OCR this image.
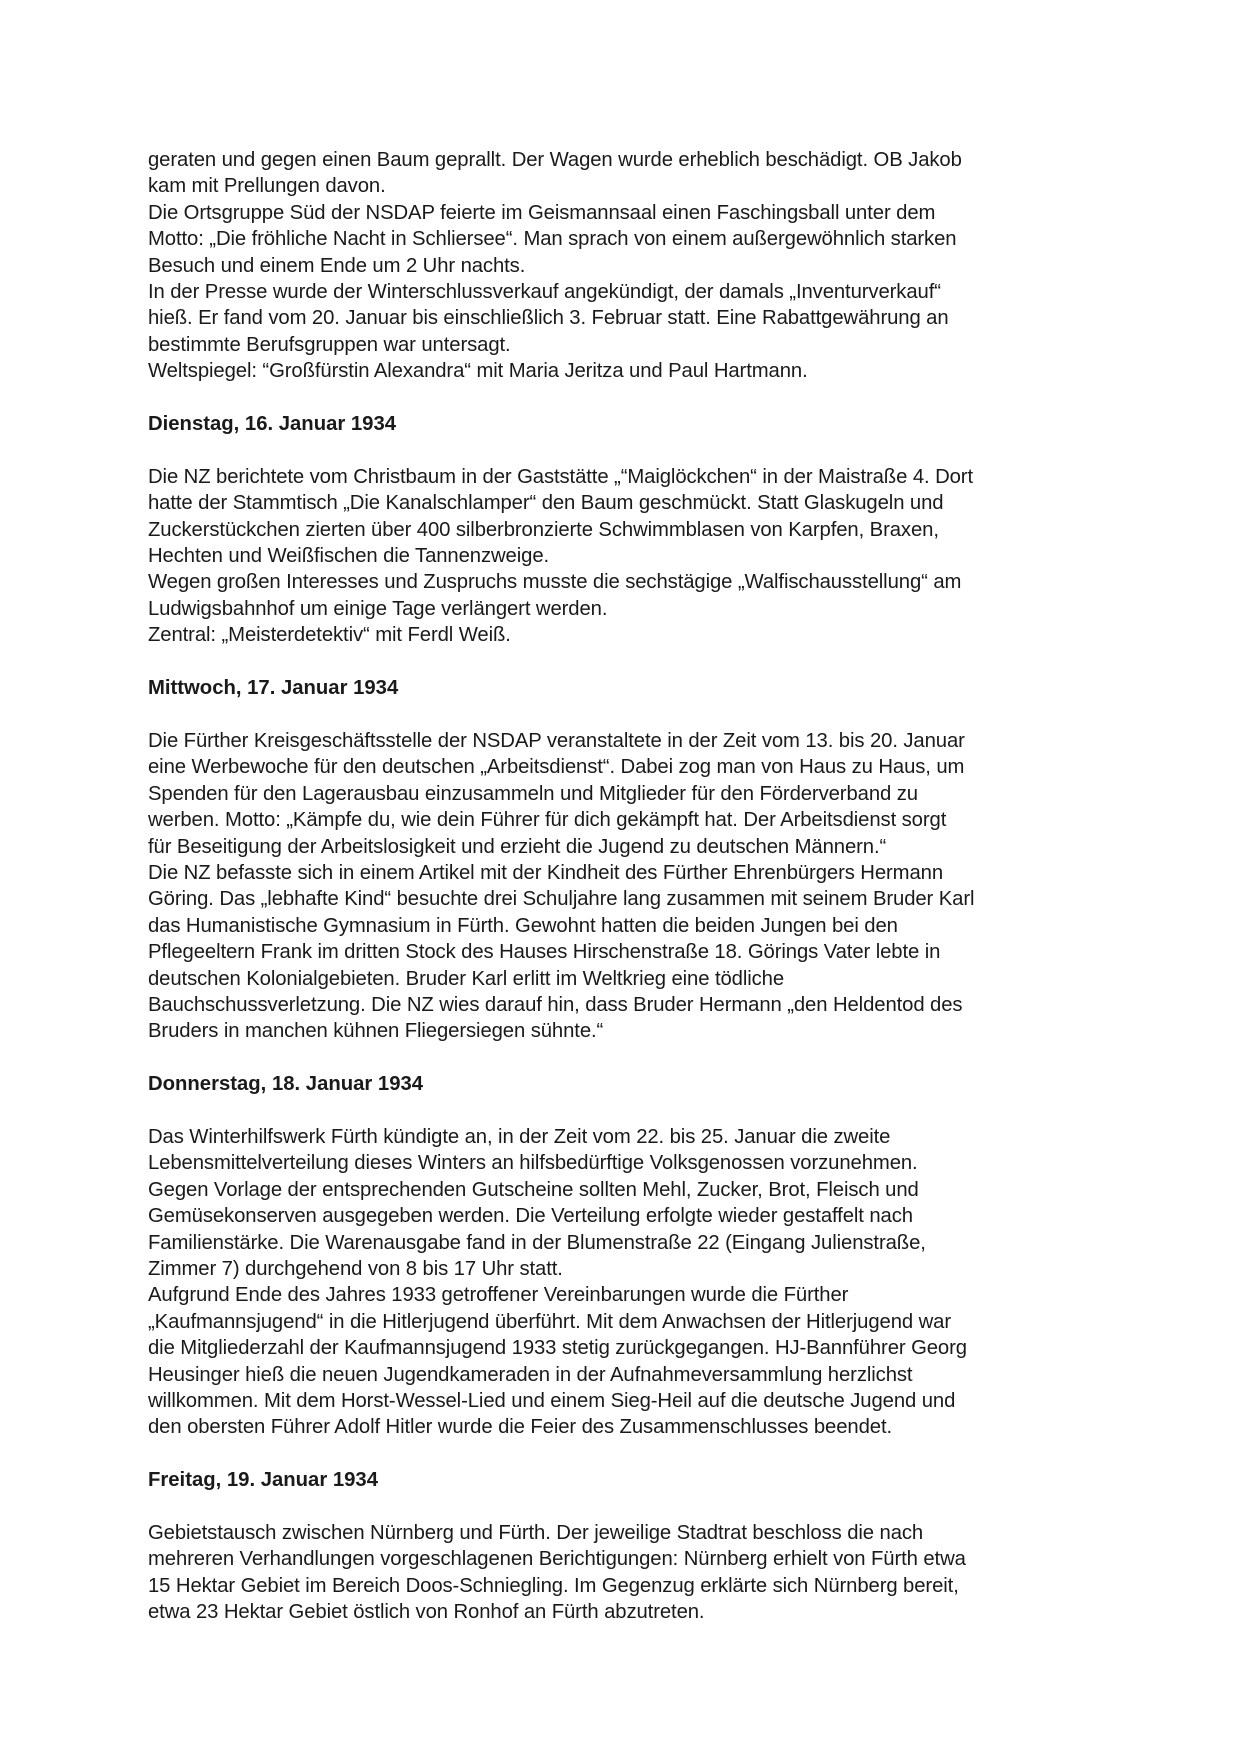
geraten und gegen einen Baum geprallt. Der Wagen wurde erheblich beschädigt. OB Jakob
kam mit Prellungen davon.
Die Ortsgruppe Süd der NSDAP feierte im Geismannsaal einen Faschingsball unter dem
Motto: „Die fröhliche Nacht in Schliersee“. Man sprach von einem außergewöhnlich starken
Besuch und einem Ende um 2 Uhr nachts.
In der Presse wurde der Winterschlussverkauf angekündigt, der damals „Inventurverkauf“
hieß. Er fand vom 20. Januar bis einschließlich 3. Februar statt. Eine Rabattgewährung an
bestimmte Berufsgruppen war untersagt.
Weltspiegel: “Großfürstin Alexandra“ mit Maria Jeritza und Paul Hartmann.

Dienstag, 16. Januar 1934

Die NZ berichtete vom Christbaum in der Gaststätte „“Maiglöckchen“ in der Maistraße 4. Dort
hatte der Stammtisch „Die Kanalschlamper“ den Baum geschmückt. Statt Glaskugeln und
Zuckerstückchen zierten über 400 silberbronzierte Schwimmblasen von Karpfen, Braxen,
Hechten und Weißfischen die Tannenzweige.
Wegen großen Interesses und Zuspruchs musste die sechstägige „Walfischausstellung“ am
Ludwigsbahnhof um einige Tage verlängert werden.
Zentral: „Meisterdetektiv“ mit Ferdl Weiß.

Mittwoch, 17. Januar 1934

Die Fürther Kreisgeschäftsstelle der NSDAP veranstaltete in der Zeit vom 13. bis 20. Januar
eine Werbewoche für den deutschen „Arbeitsdienst“. Dabei zog man von Haus zu Haus, um
Spenden für den Lagerausbau einzusammeln und Mitglieder für den Förderverband zu
werben. Motto: „Kämpfe du, wie dein Führer für dich gekämpft hat. Der Arbeitsdienst sorgt
für Beseitigung der Arbeitslosigkeit und erzieht die Jugend zu deutschen Männern.“
Die NZ befasste sich in einem Artikel mit der Kindheit des Fürther Ehrenbürgers Hermann
Göring. Das „lebhafte Kind“ besuchte drei Schuljahre lang zusammen mit seinem Bruder Karl
das Humanistische Gymnasium in Fürth. Gewohnt hatten die beiden Jungen bei den
Pflegeeltern Frank im dritten Stock des Hauses Hirschenstraße 18. Görings Vater lebte in
deutschen Kolonialgebieten. Bruder Karl erlitt im Weltkrieg eine tödliche
Bauchschussverletzung. Die NZ wies darauf hin, dass Bruder Hermann „den Heldentod des
Bruders in manchen kühnen Fliegersiegen sühnte.“

Donnerstag, 18. Januar 1934

Das Winterhilfswerk Fürth kündigte an, in der Zeit vom 22. bis 25. Januar die zweite
Lebensmittelverteilung dieses Winters an hilfsbedürftige Volksgenossen vorzunehmen.
Gegen Vorlage der entsprechenden Gutscheine sollten Mehl, Zucker, Brot, Fleisch und
Gemüsekonserven ausgegeben werden. Die Verteilung erfolgte wieder gestaffelt nach
Familienstärke. Die Warenausgabe fand in der Blumenstraße 22 (Eingang Julienstraße,
Zimmer 7) durchgehend von 8 bis 17 Uhr statt.
Aufgrund Ende des Jahres 1933 getroffener Vereinbarungen wurde die Fürther
„Kaufmannsjugend“ in die Hitlerjugend überführt. Mit dem Anwachsen der Hitlerjugend war
die Mitgliederzahl der Kaufmannsjugend 1933 stetig zurückgegangen. HJ-Bannführer Georg
Heusinger hieß die neuen Jugendkameraden in der Aufnahmeversammlung herzlichst
willkommen. Mit dem Horst-Wessel-Lied und einem Sieg-Heil auf die deutsche Jugend und
den obersten Führer Adolf Hitler wurde die Feier des Zusammenschlusses beendet.

Freitag, 19. Januar 1934

Gebietstausch zwischen Nürnberg und Fürth. Der jeweilige Stadtrat beschloss die nach
mehreren Verhandlungen vorgeschlagenen Berichtigungen: Nürnberg erhielt von Fürth etwa
15 Hektar Gebiet im Bereich Doos-Schniegling. Im Gegenzug erklärte sich Nürnberg bereit,
etwa 23 Hektar Gebiet östlich von Ronhof an Fürth abzutreten.
